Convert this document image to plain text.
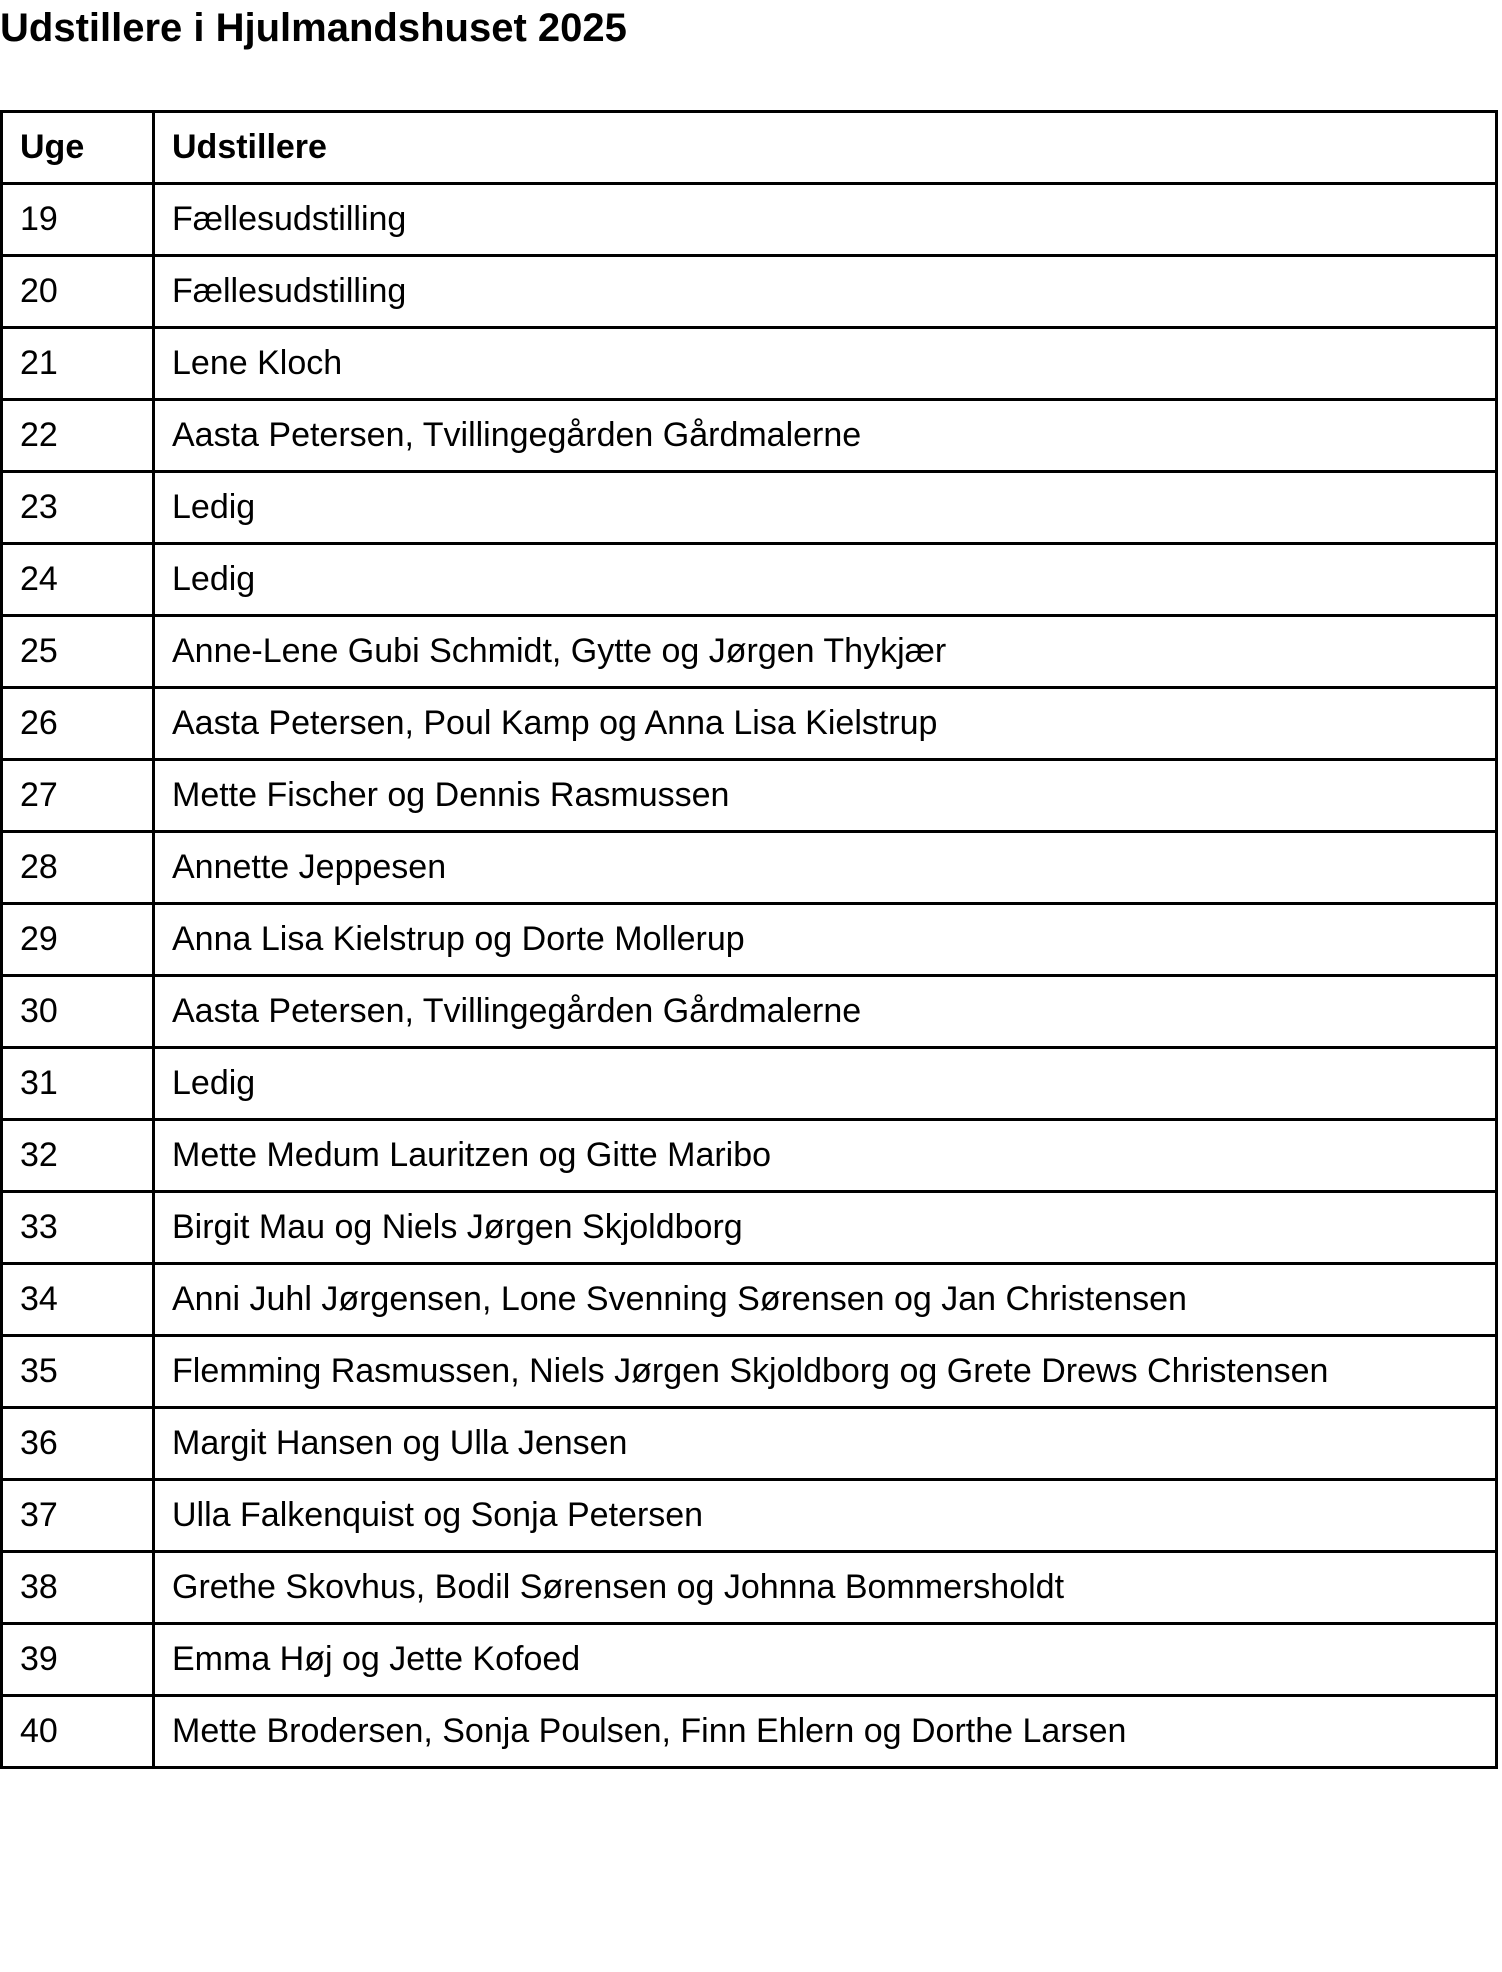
Udstillere i Hjulmandshuset 2025
Uge	Udstillere
19	Fællesudstilling
20	Fællesudstilling
21	Lene Kloch
22	Aasta Petersen, Tvillingegården Gårdmalerne
23	Ledig
24	Ledig
25	Anne-Lene Gubi Schmidt, Gytte og Jørgen Thykjær
26	Aasta Petersen, Poul Kamp og Anna Lisa Kielstrup
27	Mette Fischer og Dennis Rasmussen
28	Annette Jeppesen
29	Anna Lisa Kielstrup og Dorte Mollerup
30	Aasta Petersen, Tvillingegården Gårdmalerne
31	Ledig
32	Mette Medum Lauritzen og Gitte Maribo
33	Birgit Mau og Niels Jørgen Skjoldborg
34	Anni Juhl Jørgensen, Lone Svenning Sørensen og Jan Christensen
35	Flemming Rasmussen, Niels Jørgen Skjoldborg og Grete Drews Christensen
36	Margit Hansen og Ulla Jensen
37	Ulla Falkenquist og Sonja Petersen
38	Grethe Skovhus, Bodil Sørensen og Johnna Bommersholdt
39	Emma Høj og Jette Kofoed
40	Mette Brodersen, Sonja Poulsen, Finn Ehlern og Dorthe Larsen
